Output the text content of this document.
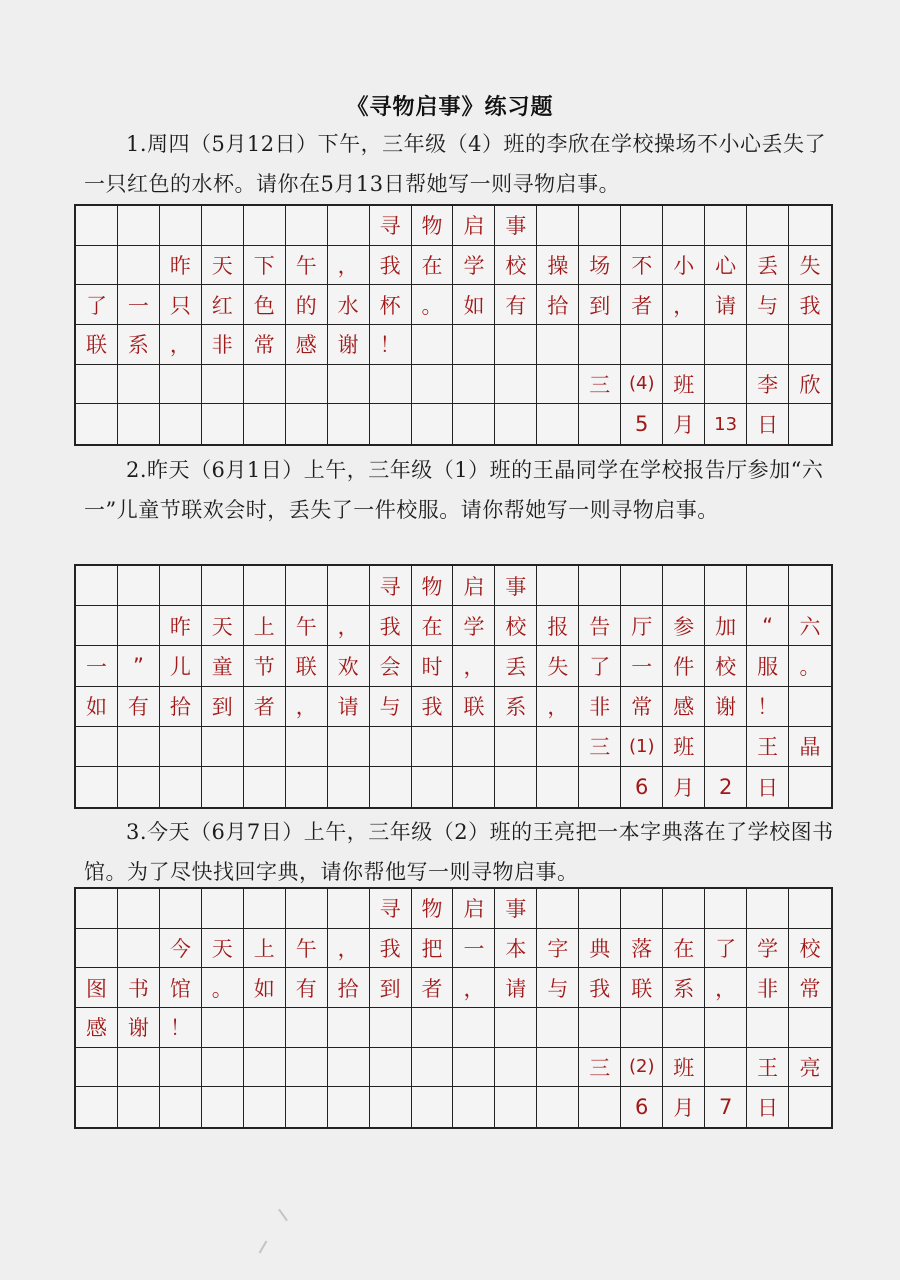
《寻物启事》练习题
1.周四（5月12日）下午，三年级（4）班的李欣在学校操场不小心丢失了一只红色的水杯。请你在5月13日帮她写一则寻物启事。
寻 物 启 事
昨 天 下 午 ， 我 在 学 校 操 场 不 小 心 丢	失
了 一 只 红 色 的 水 杯 。 如 有 拾 到 者 ， 请 与	我
联 系 ， 非 常 感 谢 ！
三	(4) 班	李	欣
5	月	13 日
2.昨天（6月1日）上午，三年级（1）班的王晶同学在学校报告厅参加“六一”儿童节联欢会时，丢失了一件校服。请你帮她写一则寻物启事。
寻 物 启 事
昨 天 上 午 ， 我 在 学 校 报 告 厅 参 加	“	六
一	”	儿 童 节 联 欢 会 时 ， 丢 失 了 一 件 校 服	。
如 有 拾 到 者 ， 请 与 我 联 系 ， 非 常 感 谢 ！
三	(1) 班	王	晶
6	月	2	日
3.今天（6月7日）上午，三年级（2）班的王亮把一本字典落在了学校图书馆。为了尽快找回字典，请你帮他写一则寻物启事。
寻 物 启 事
今 天 上 午 ， 我 把 一 本 字 典 落 在 了 学	校
图 书 馆 。 如 有 拾 到 者 ， 请 与 我 联 系 ， 非	常
感 谢 ！
三	(2) 班	王	亮
6	月	7	日
